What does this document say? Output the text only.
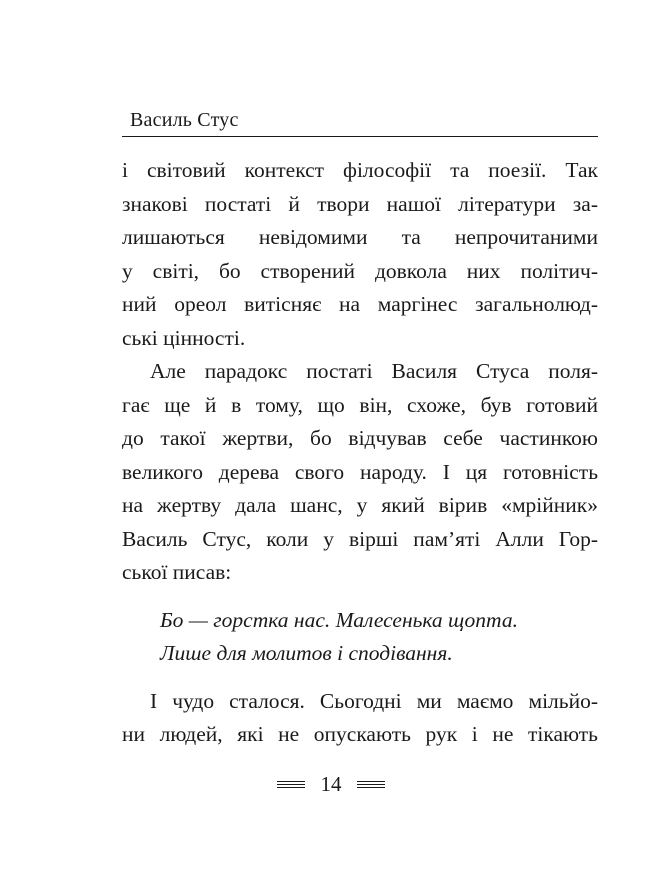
Василь Стус
і світовий контекст філософії та поезії. Так
знакові постаті й твори нашої літератури за-
лишаються невідомими та непрочитаними
у світі, бо створений довкола них політич-
ний ореол витісняє на маргінес загальнолюд-
ські цінності.
Але парадокс постаті Василя Стуса поля-
гає ще й в тому, що він, схоже, був готовий
до такої жертви, бо відчував себе частинкою
великого дерева свого народу. І ця готовність
на жертву дала шанс, у який вірив «мрійник»
Василь Стус, коли у вірші пам’яті Алли Гор-
ської писав:
Бо — горстка нас. Малесенька щопта.
Лише для молитов і сподівання.
І чудо сталося. Сьогодні ми маємо мільйо-
ни людей, які не опускають рук і не тікають
14
